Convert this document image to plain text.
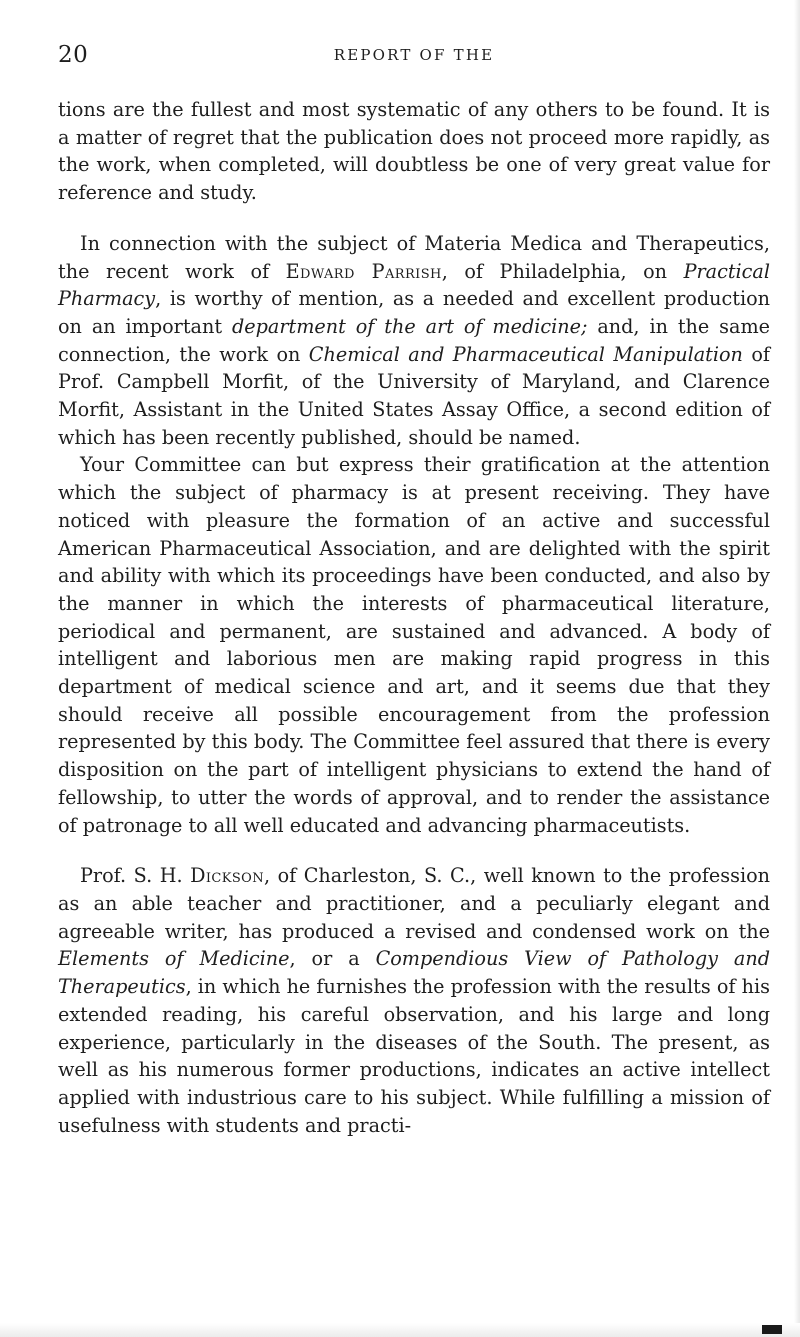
20	REPORT OF THE

tions are the fullest and most systematic of any others to be found. It is a matter of regret that the publication does not proceed more rapidly, as the work, when completed, will doubtless be one of very great value for reference and study.

In connection with the subject of Materia Medica and Therapeutics, the recent work of Edward Parrish, of Philadelphia, on Practical Pharmacy, is worthy of mention, as a needed and excellent production on an important department of the art of medicine; and, in the same connection, the work on Chemical and Pharmaceutical Manipulation of Prof. Campbell Morfit, of the University of Maryland, and Clarence Morfit, Assistant in the United States Assay Office, a second edition of which has been recently published, should be named.

Your Committee can but express their gratification at the attention which the subject of pharmacy is at present receiving. They have noticed with pleasure the formation of an active and successful American Pharmaceutical Association, and are delighted with the spirit and ability with which its proceedings have been conducted, and also by the manner in which the interests of pharmaceutical literature, periodical and permanent, are sustained and advanced. A body of intelligent and laborious men are making rapid progress in this department of medical science and art, and it seems due that they should receive all possible encouragement from the profession represented by this body. The Committee feel assured that there is every disposition on the part of intelligent physicians to extend the hand of fellowship, to utter the words of approval, and to render the assistance of patronage to all well educated and advancing pharmaceutists.

Prof. S. H. Dickson, of Charleston, S. C., well known to the profession as an able teacher and practitioner, and a peculiarly elegant and agreeable writer, has produced a revised and condensed work on the Elements of Medicine, or a Compendious View of Pathology and Therapeutics, in which he furnishes the profession with the results of his extended reading, his careful observation, and his large and long experience, particularly in the diseases of the South. The present, as well as his numerous former productions, indicates an active intellect applied with industrious care to his subject. While fulfilling a mission of usefulness with students and practi-
